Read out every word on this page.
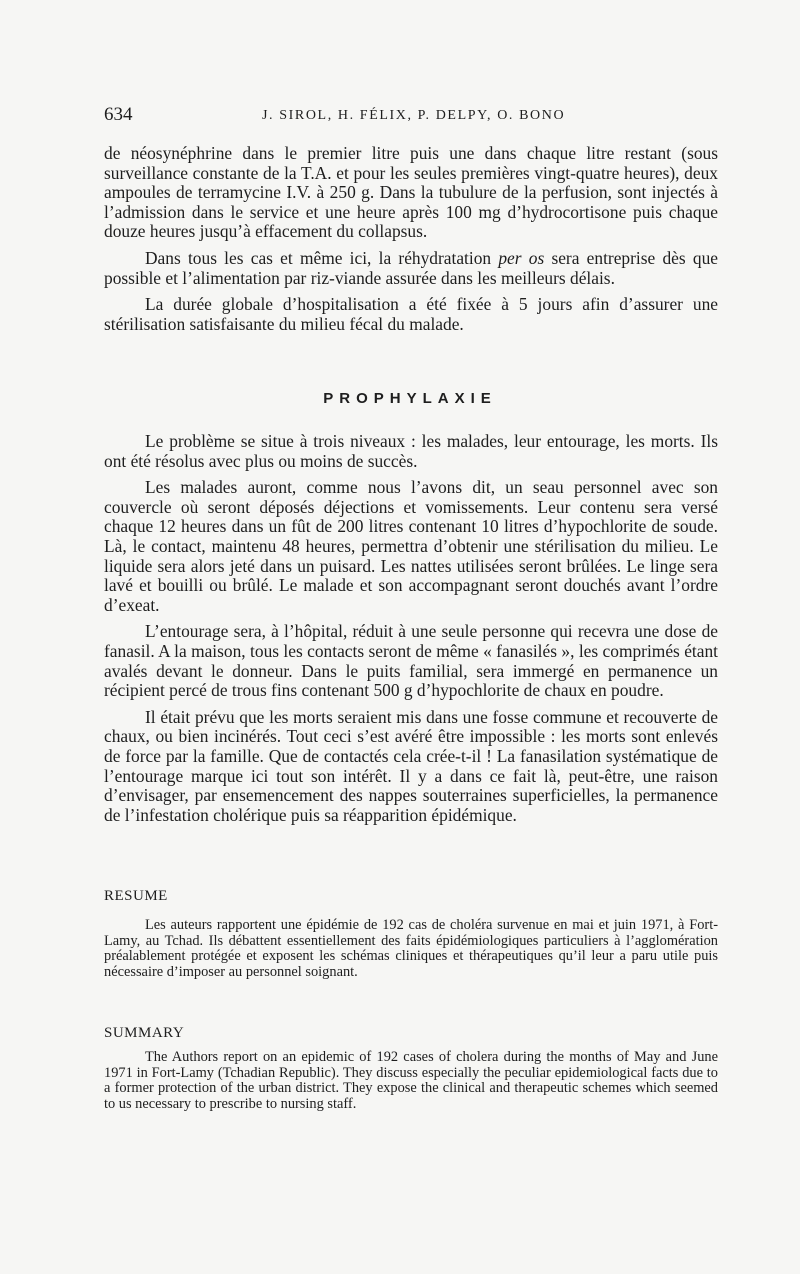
634	J. SIROL, H. FÉLIX, P. DELPY, O. BONO

de néosynéphrine dans le premier litre puis une dans chaque litre restant (sous surveillance constante de la T.A. et pour les seules premières vingt-quatre heures), deux ampoules de terramycine I.V. à 250 g. Dans la tubulure de la perfusion, sont injectés à l’admission dans le service et une heure après 100 mg d’hydrocortisone puis chaque douze heures jusqu’à effacement du collapsus.

Dans tous les cas et même ici, la réhydratation per os sera entreprise dès que possible et l’alimentation par riz-viande assurée dans les meilleurs délais.

La durée globale d’hospitalisation a été fixée à 5 jours afin d’assurer une stérilisation satisfaisante du milieu fécal du malade.

PROPHYLAXIE

Le problème se situe à trois niveaux : les malades, leur entourage, les morts. Ils ont été résolus avec plus ou moins de succès.

Les malades auront, comme nous l’avons dit, un seau personnel avec son couvercle où seront déposés déjections et vomissements. Leur contenu sera versé chaque 12 heures dans un fût de 200 litres contenant 10 litres d’hypochlorite de soude. Là, le contact, maintenu 48 heures, permettra d’obtenir une stérilisation du milieu. Le liquide sera alors jeté dans un puisard. Les nattes utilisées seront brûlées. Le linge sera lavé et bouilli ou brûlé. Le malade et son accompagnant seront douchés avant l’ordre d’exeat.

L’entourage sera, à l’hôpital, réduit à une seule personne qui recevra une dose de fanasil. A la maison, tous les contacts seront de même « fanasilés », les comprimés étant avalés devant le donneur. Dans le puits familial, sera immergé en permanence un récipient percé de trous fins contenant 500 g d’hypochlorite de chaux en poudre.

Il était prévu que les morts seraient mis dans une fosse commune et recouverte de chaux, ou bien incinérés. Tout ceci s’est avéré être impossible : les morts sont enlevés de force par la famille. Que de contactés cela crée-t-il ! La fanasilation systématique de l’entourage marque ici tout son intérêt. Il y a dans ce fait là, peut-être, une raison d’envisager, par ensemencement des nappes souterraines superficielles, la permanence de l’infestation cholérique puis sa réapparition épidémique.

RESUME

Les auteurs rapportent une épidémie de 192 cas de choléra survenue en mai et juin 1971, à Fort-Lamy, au Tchad. Ils débattent essentiellement des faits épidémiologiques particuliers à l’agglomération préalablement protégée et exposent les schémas cliniques et thérapeutiques qu’il leur a paru utile puis nécessaire d’imposer au personnel soignant.

SUMMARY

The Authors report on an epidemic of 192 cases of cholera during the months of May and June 1971 in Fort-Lamy (Tchadian Republic). They discuss especially the peculiar epidemiological facts due to a former protection of the urban district. They expose the clinical and therapeutic schemes which seemed to us necessary to prescribe to nursing staff.
